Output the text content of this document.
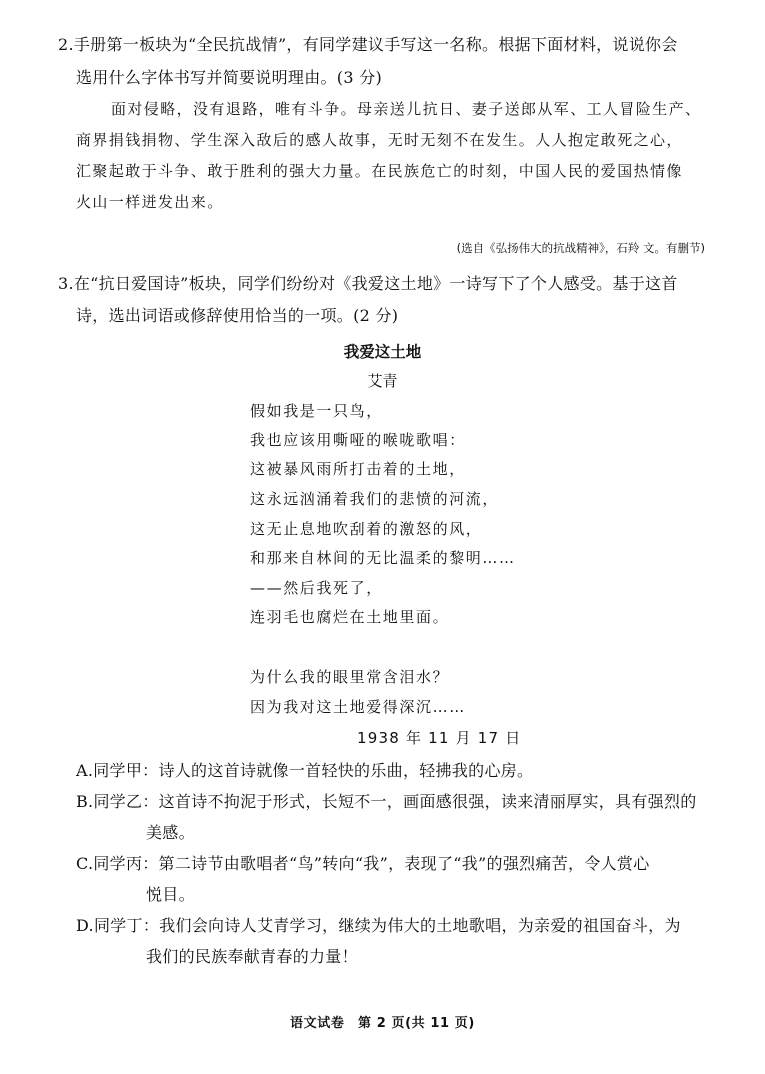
2.手册第一板块为“全民抗战情”，有同学建议手写这一名称。根据下面材料，说说你会
选用什么字体书写并简要说明理由。(3 分)
面对侵略，没有退路，唯有斗争。母亲送儿抗日、妻子送郎从军、工人冒险生产、
商界捐钱捐物、学生深入敌后的感人故事，无时无刻不在发生。人人抱定敢死之心，
汇聚起敢于斗争、敢于胜利的强大力量。在民族危亡的时刻，中国人民的爱国热情像
火山一样迸发出来。
(选自《弘扬伟大的抗战精神》，石羚 文。有删节)
3.在“抗日爱国诗”板块，同学们纷纷对《我爱这土地》一诗写下了个人感受。基于这首
诗，选出词语或修辞使用恰当的一项。(2 分)
我爱这土地
艾青
假如我是一只鸟，
我也应该用嘶哑的喉咙歌唱：
这被暴风雨所打击着的土地，
这永远汹涌着我们的悲愤的河流，
这无止息地吹刮着的激怒的风，
和那来自林间的无比温柔的黎明……
——然后我死了，
连羽毛也腐烂在土地里面。
为什么我的眼里常含泪水？
因为我对这土地爱得深沉……
1938 年 11 月 17 日
A.同学甲：诗人的这首诗就像一首轻快的乐曲，轻拂我的心房。
B.同学乙：这首诗不拘泥于形式，长短不一，画面感很强，读来清丽厚实，具有强烈的
美感。
C.同学丙：第二诗节由歌唱者“鸟”转向“我”，表现了“我”的强烈痛苦，令人赏心
悦目。
D.同学丁：我们会向诗人艾青学习，继续为伟大的土地歌唱，为亲爱的祖国奋斗，为
我们的民族奉献青春的力量！
语文试卷　第 2 页(共 11 页)
